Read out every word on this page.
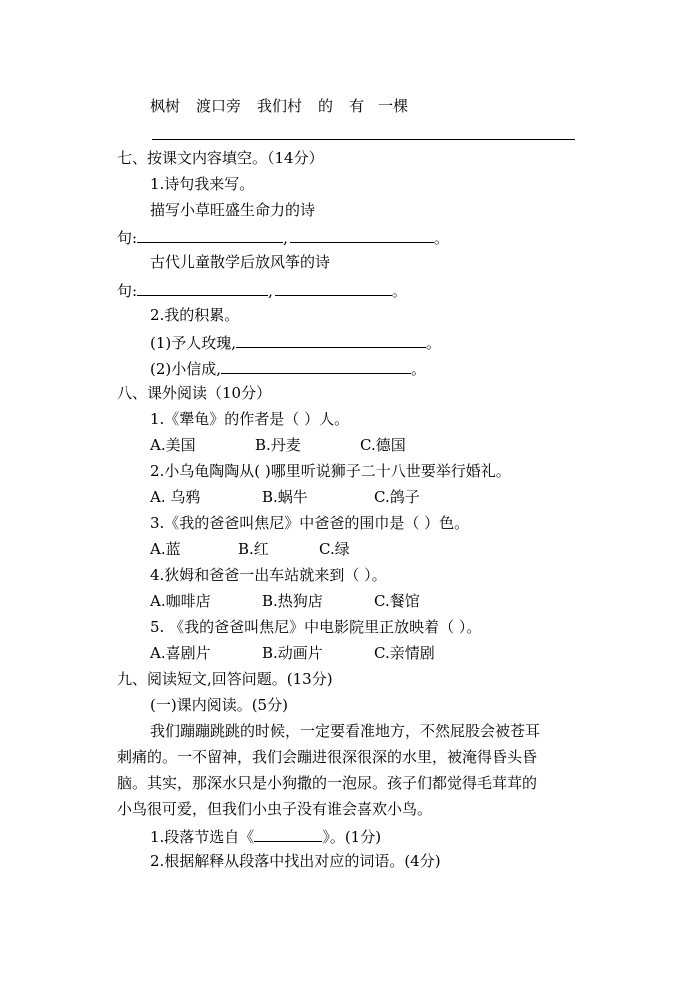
枫树 渡口旁 我们村 的 有 一棵
七、按课文内容填空。（14分）
1.诗句我来写。
描写小草旺盛生命力的诗
句:	,	。
古代儿童散学后放风筝的诗
句:	,	。
2.我的积累。
(1)予人玫瑰,	。
(2)小信成,	。
八、课外阅读（10分）
1.《犟龟》的作者是（ ）人。
A.美国	B.丹麦	C.德国
2.小乌龟陶陶从( )哪里听说狮子二十八世要举行婚礼。
A. 乌鸦	B.蜗牛	C.鸽子
3.《我的爸爸叫焦尼》中爸爸的围巾是（ ）色。
A.蓝	B.红	C.绿
4.狄姆和爸爸一出车站就来到（ ）。
A.咖啡店	B.热狗店	C.餐馆
5. 《我的爸爸叫焦尼》中电影院里正放映着（ ）。
A.喜剧片	B.动画片	C.亲情剧
九、阅读短文,回答问题。(13分)
(一)课内阅读。(5分)
我们蹦蹦跳跳的时候，一定要看准地方，不然屁股会被苍耳
刺痛的。一不留神，我们会蹦进很深很深的水里，被淹得昏头昏
脑。其实，那深水只是小狗撒的一泡尿。孩子们都觉得毛茸茸的
小鸟很可爱，但我们小虫子没有谁会喜欢小鸟。
1.段落节选自《	》。(1分)
2.根据解释从段落中找出对应的词语。(4分)
